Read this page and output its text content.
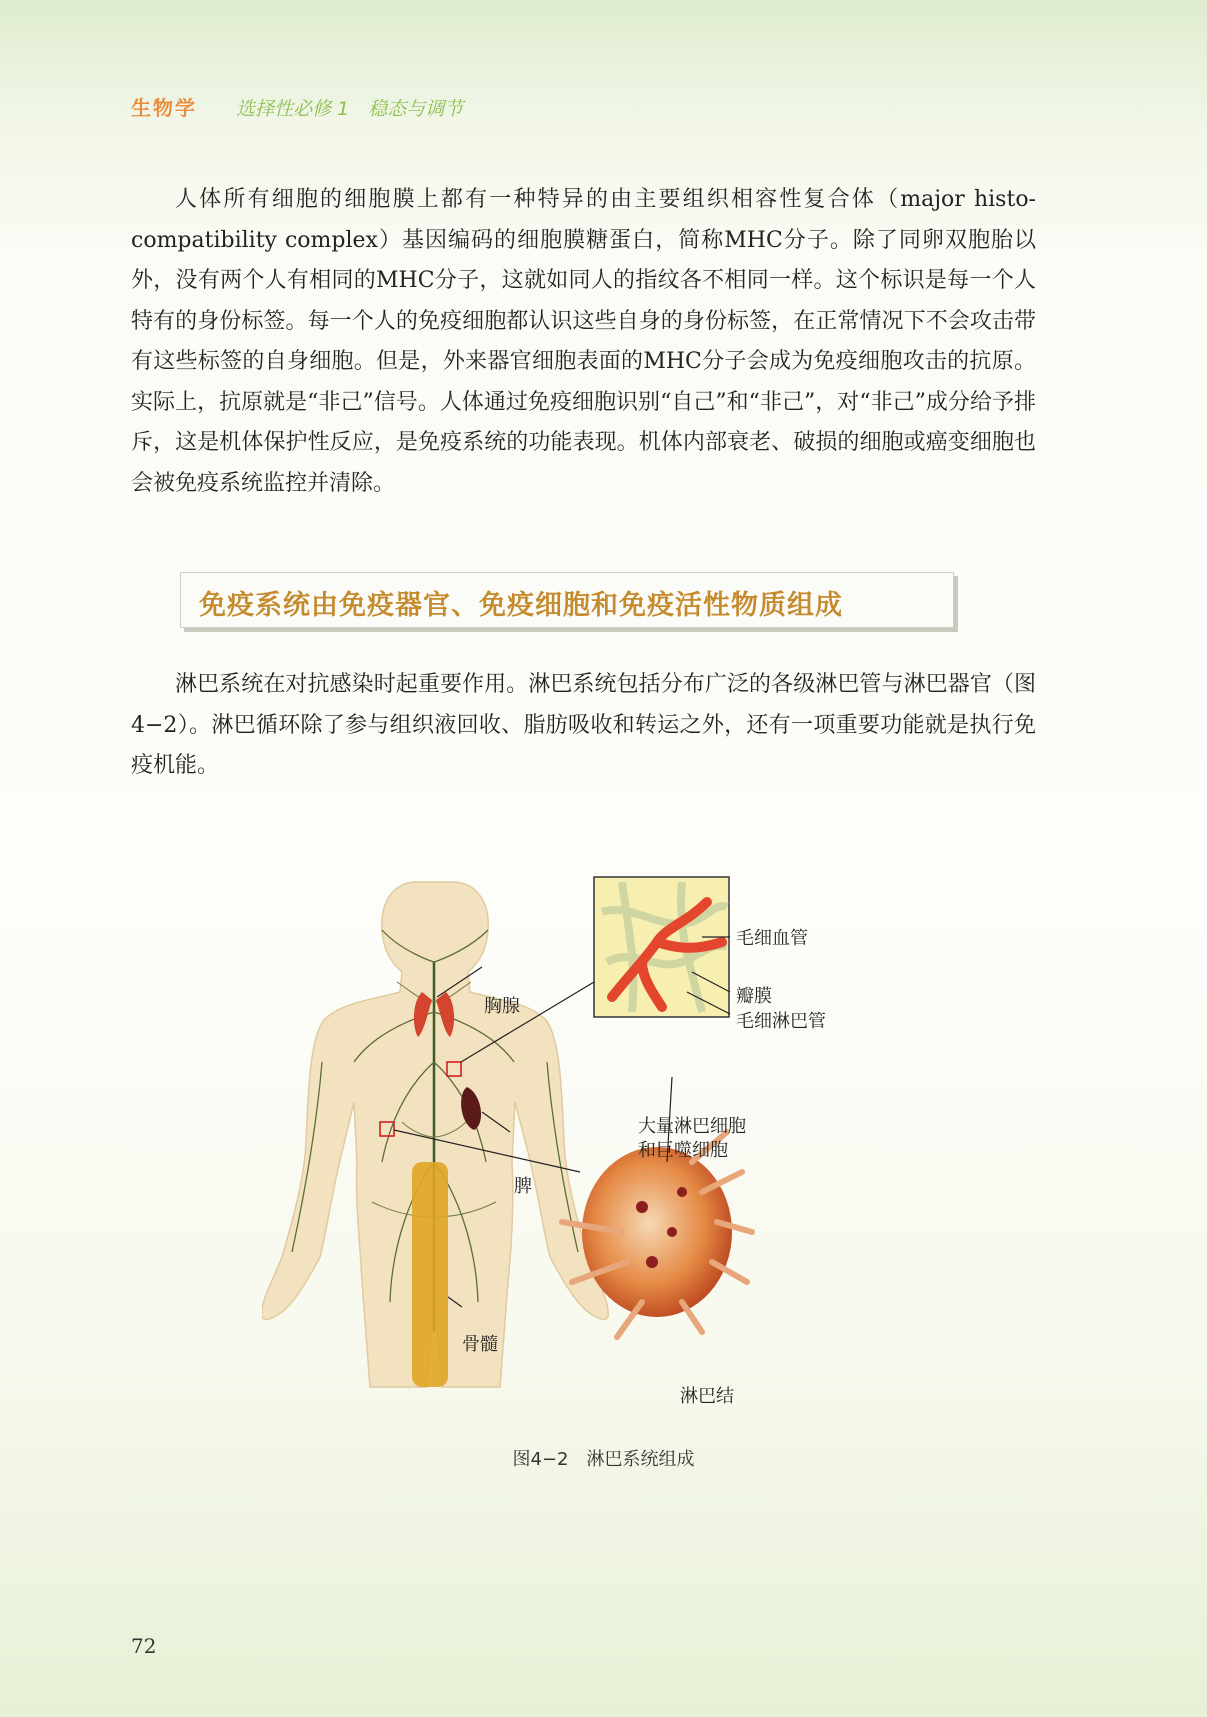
生物学 选择性必修 1　稳态与调节

人体所有细胞的细胞膜上都有一种特异的由主要组织相容性复合体（major histo-compatibility complex）基因编码的细胞膜糖蛋白，简称MHC分子。除了同卵双胞胎以外，没有两个人有相同的MHC分子，这就如同人的指纹各不相同一样。这个标识是每一个人特有的身份标签。每一个人的免疫细胞都认识这些自身的身份标签，在正常情况下不会攻击带有这些标签的自身细胞。但是，外来器官细胞表面的MHC分子会成为免疫细胞攻击的抗原。实际上，抗原就是“非己”信号。人体通过免疫细胞识别“自己”和“非己”，对“非己”成分给予排斥，这是机体保护性反应，是免疫系统的功能表现。机体内部衰老、破损的细胞或癌变细胞也会被免疫系统监控并清除。

免疫系统由免疫器官、免疫细胞和免疫活性物质组成

淋巴系统在对抗感染时起重要作用。淋巴系统包括分布广泛的各级淋巴管与淋巴器官（图4−2）。淋巴循环除了参与组织液回收、脂肪吸收和转运之外，还有一项重要功能就是执行免疫机能。

毛细血管
胸腺	瓣膜
毛细淋巴管
大量淋巴细胞
和巨噬细胞
脾
骨髓
淋巴结
图4−2　淋巴系统组成
72
